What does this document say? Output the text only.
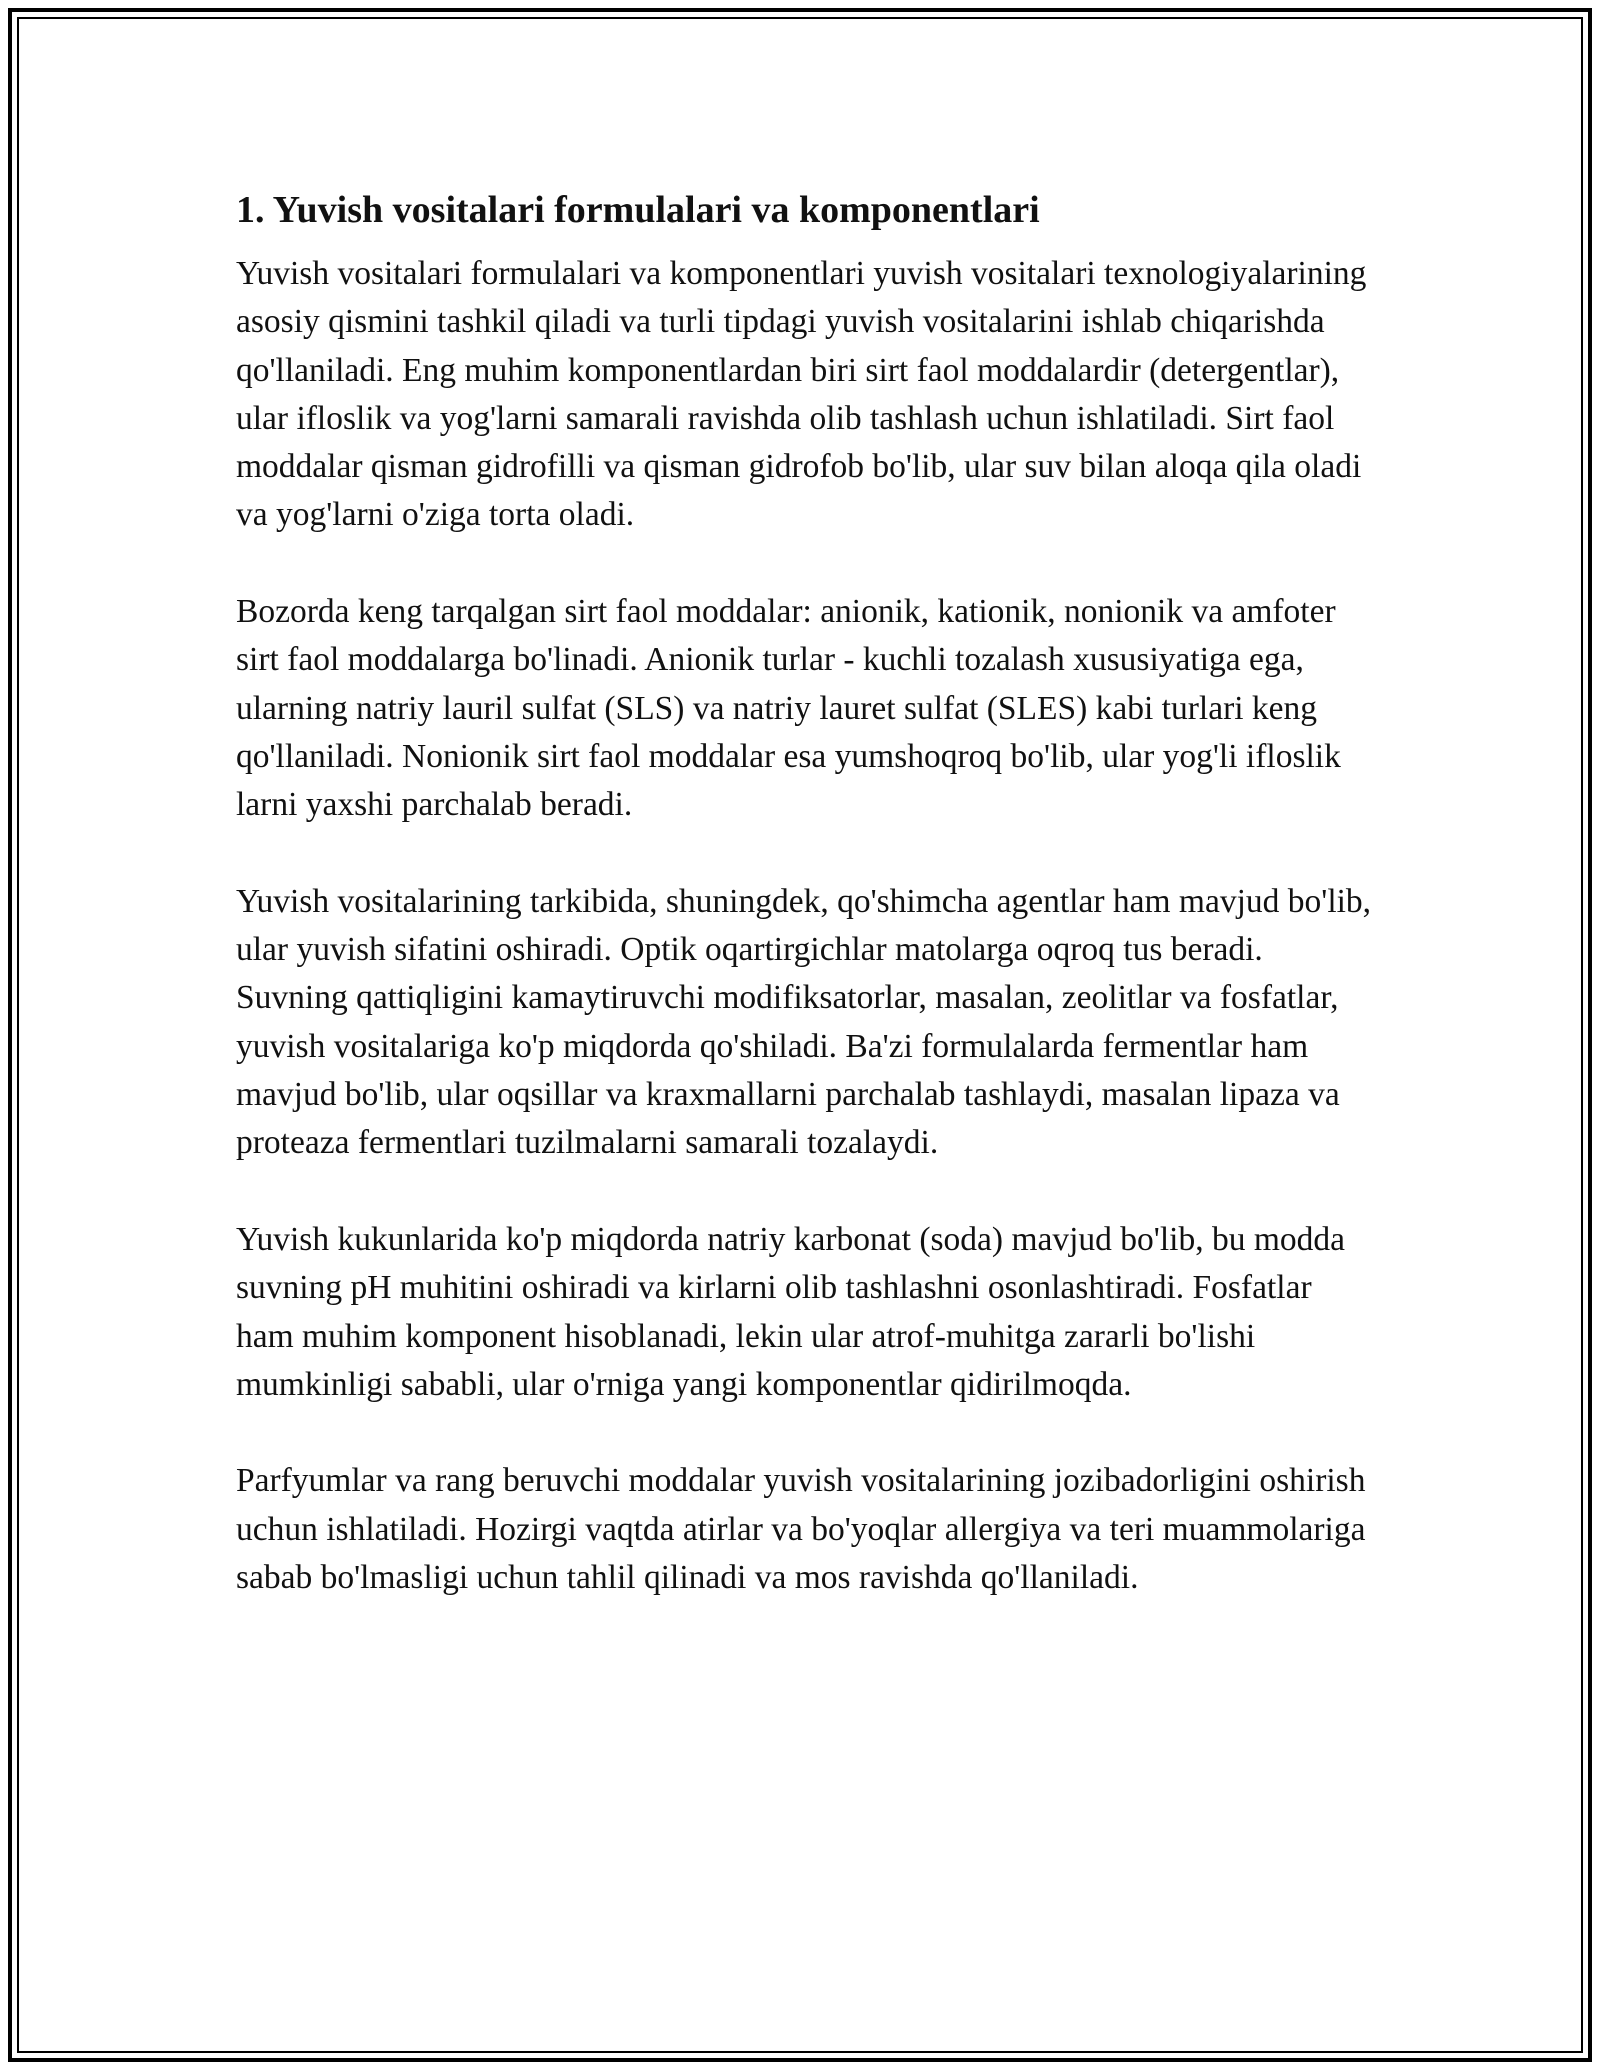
1. Yuvish vositalari formulalari va komponentlari

Yuvish vositalari formulalari va komponentlari yuvish vositalari texnologiyalarining asosiy qismini tashkil qiladi va turli tipdagi yuvish vositalarini ishlab chiqarishda qo'llaniladi. Eng muhim komponentlardan biri sirt faol moddalardir (detergentlar), ular ifloslik va yog'larni samarali ravishda olib tashlash uchun ishlatiladi. Sirt faol moddalar qisman gidrofilli va qisman gidrofob bo'lib, ular suv bilan aloqa qila oladi va yog'larni o'ziga torta oladi.

Bozorda keng tarqalgan sirt faol moddalar: anionik, kationik, nonionik va amfoter sirt faol moddalarga bo'linadi. Anionik turlar - kuchli tozalash xususiyatiga ega, ularning natriy lauril sulfat (SLS) va natriy lauret sulfat (SLES) kabi turlari keng qo'llaniladi. Nonionik sirt faol moddalar esa yumshoqroq bo'lib, ular yog'li ifloslik larni yaxshi parchalab beradi.

Yuvish vositalarining tarkibida, shuningdek, qo'shimcha agentlar ham mavjud bo'lib, ular yuvish sifatini oshiradi. Optik oqartirgichlar matolarga oqroq tus beradi. Suvning qattiqligini kamaytiruvchi modifiksatorlar, masalan, zeolitlar va fosfatlar, yuvish vositalariga ko'p miqdorda qo'shiladi. Ba'zi formulalarda fermentlar ham mavjud bo'lib, ular oqsillar va kraxmallarni parchalab tashlaydi, masalan lipaza va proteaza fermentlari tuzilmalarni samarali tozalaydi.

Yuvish kukunlarida ko'p miqdorda natriy karbonat (soda) mavjud bo'lib, bu modda suvning pH muhitini oshiradi va kirlarni olib tashlashni osonlashtiradi. Fosfatlar ham muhim komponent hisoblanadi, lekin ular atrof-muhitga zararli bo'lishi mumkinligi sababli, ular o'rniga yangi komponentlar qidirilmoqda.

Parfyumlar va rang beruvchi moddalar yuvish vositalarining jozibadorligini oshirish uchun ishlatiladi. Hozirgi vaqtda atirlar va bo'yoqlar allergiya va teri muammolariga sabab bo'lmasligi uchun tahlil qilinadi va mos ravishda qo'llaniladi.
